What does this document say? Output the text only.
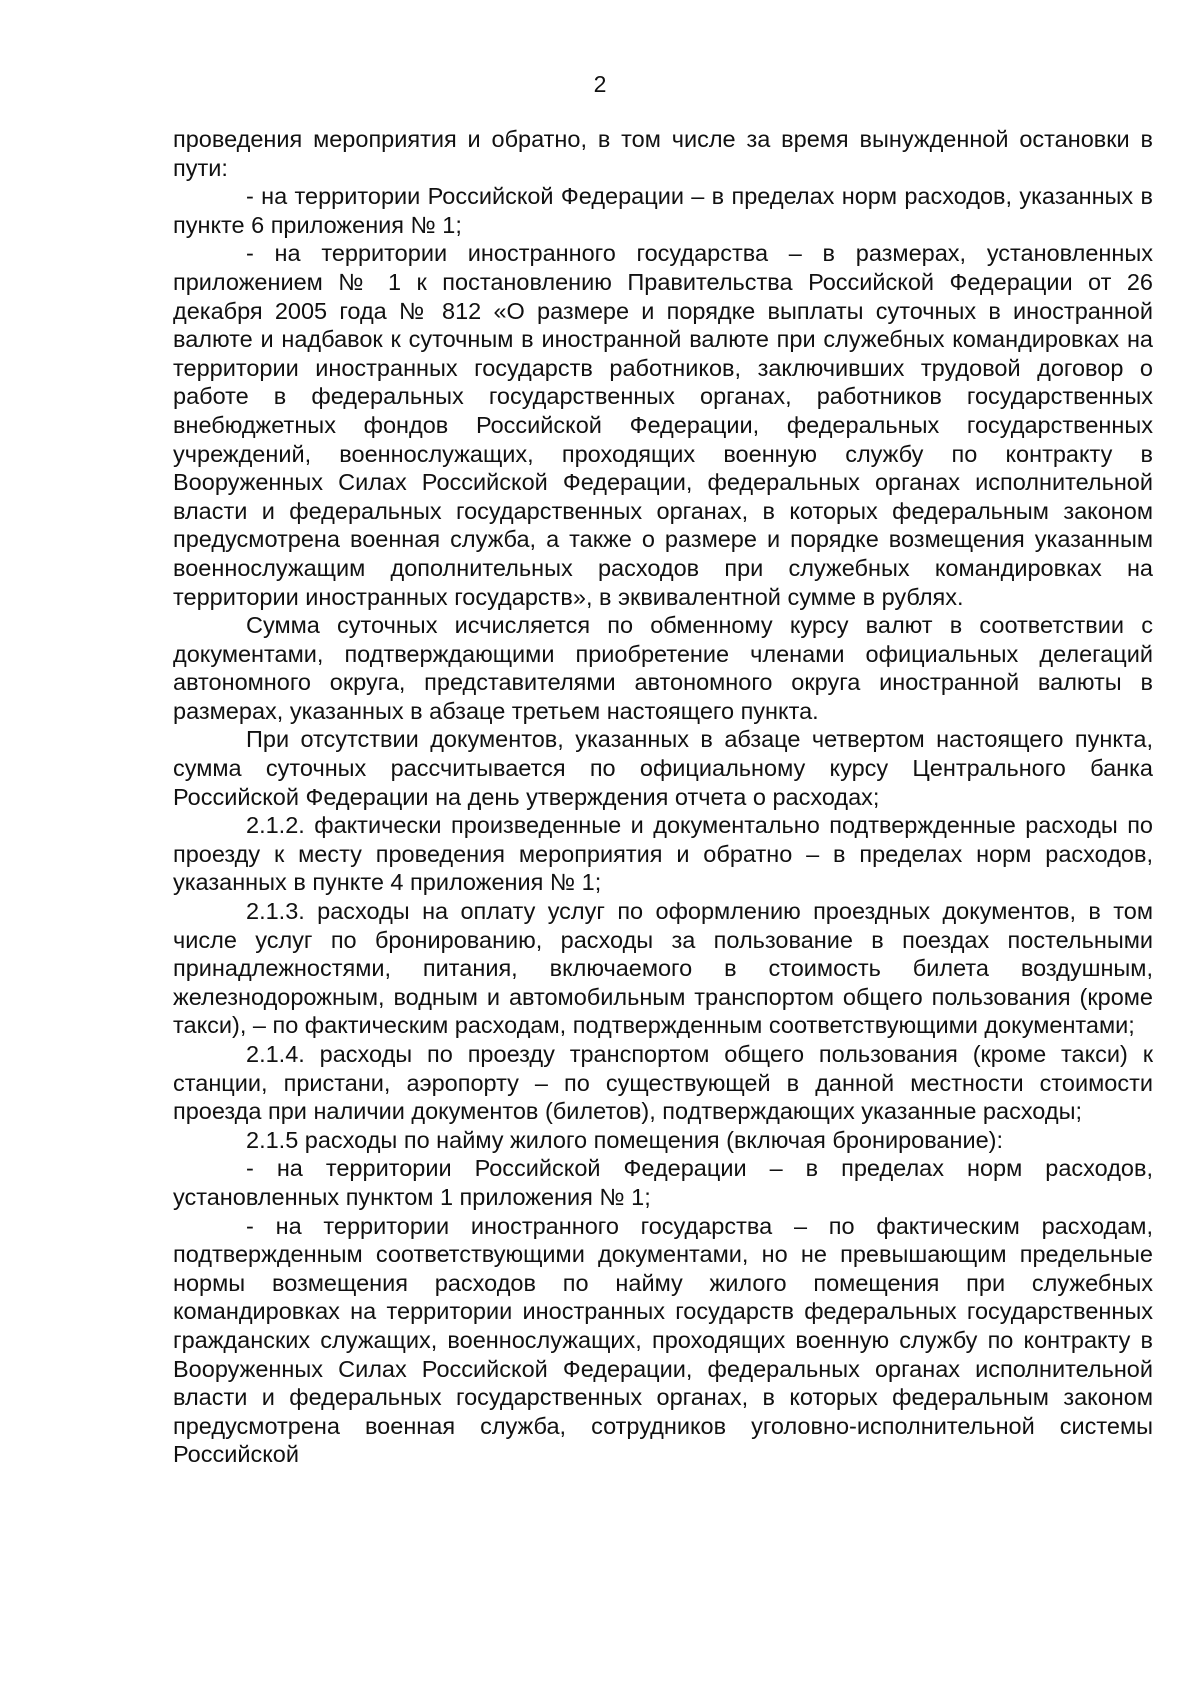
2

проведения мероприятия и обратно, в том числе за время вынужденной остановки в пути:

- на территории Российской Федерации – в пределах норм расходов, указанных в пункте 6 приложения № 1;

- на территории иностранного государства – в размерах, установленных приложением № 1 к постановлению Правительства Российской Федерации от 26 декабря 2005 года № 812 «О размере и порядке выплаты суточных в иностранной валюте и надбавок к суточным в иностранной валюте при служебных командировках на территории иностранных государств работников, заключивших трудовой договор о работе в федеральных государственных органах, работников государственных внебюджетных фондов Российской Федерации, федеральных государственных учреждений, военнослужащих, проходящих военную службу по контракту в Вооруженных Силах Российской Федерации, федеральных органах исполнительной власти и федеральных государственных органах, в которых федеральным законом предусмотрена военная служба, а также о размере и порядке возмещения указанным военнослужащим дополнительных расходов при служебных командировках на территории иностранных государств», в эквивалентной сумме в рублях.

Сумма суточных исчисляется по обменному курсу валют в соответствии с документами, подтверждающими приобретение членами официальных делегаций автономного округа, представителями автономного округа иностранной валюты в размерах, указанных в абзаце третьем настоящего пункта.

При отсутствии документов, указанных в абзаце четвертом настоящего пункта, сумма суточных рассчитывается по официальному курсу Центрального банка Российской Федерации на день утверждения отчета о расходах;

2.1.2. фактически произведенные и документально подтвержденные расходы по проезду к месту проведения мероприятия и обратно – в пределах норм расходов, указанных в пункте 4 приложения № 1;

2.1.3. расходы на оплату услуг по оформлению проездных документов, в том числе услуг по бронированию, расходы за пользование в поездах постельными принадлежностями, питания, включаемого в стоимость билета воздушным, железнодорожным, водным и автомобильным транспортом общего пользования (кроме такси), – по фактическим расходам, подтвержденным соответствующими документами;

2.1.4. расходы по проезду транспортом общего пользования (кроме такси) к станции, пристани, аэропорту – по существующей в данной местности стоимости проезда при наличии документов (билетов), подтверждающих указанные расходы;

2.1.5 расходы по найму жилого помещения (включая бронирование):

- на территории Российской Федерации – в пределах норм расходов, установленных пунктом 1 приложения № 1;

- на территории иностранного государства – по фактическим расходам, подтвержденным соответствующими документами, но не превышающим предельные нормы возмещения расходов по найму жилого помещения при служебных командировках на территории иностранных государств федеральных государственных гражданских служащих, военнослужащих, проходящих военную службу по контракту в Вооруженных Силах Российской Федерации, федеральных органах исполнительной власти и федеральных государственных органах, в которых федеральным законом предусмотрена военная служба, сотрудников уголовно-исполнительной системы Российской
